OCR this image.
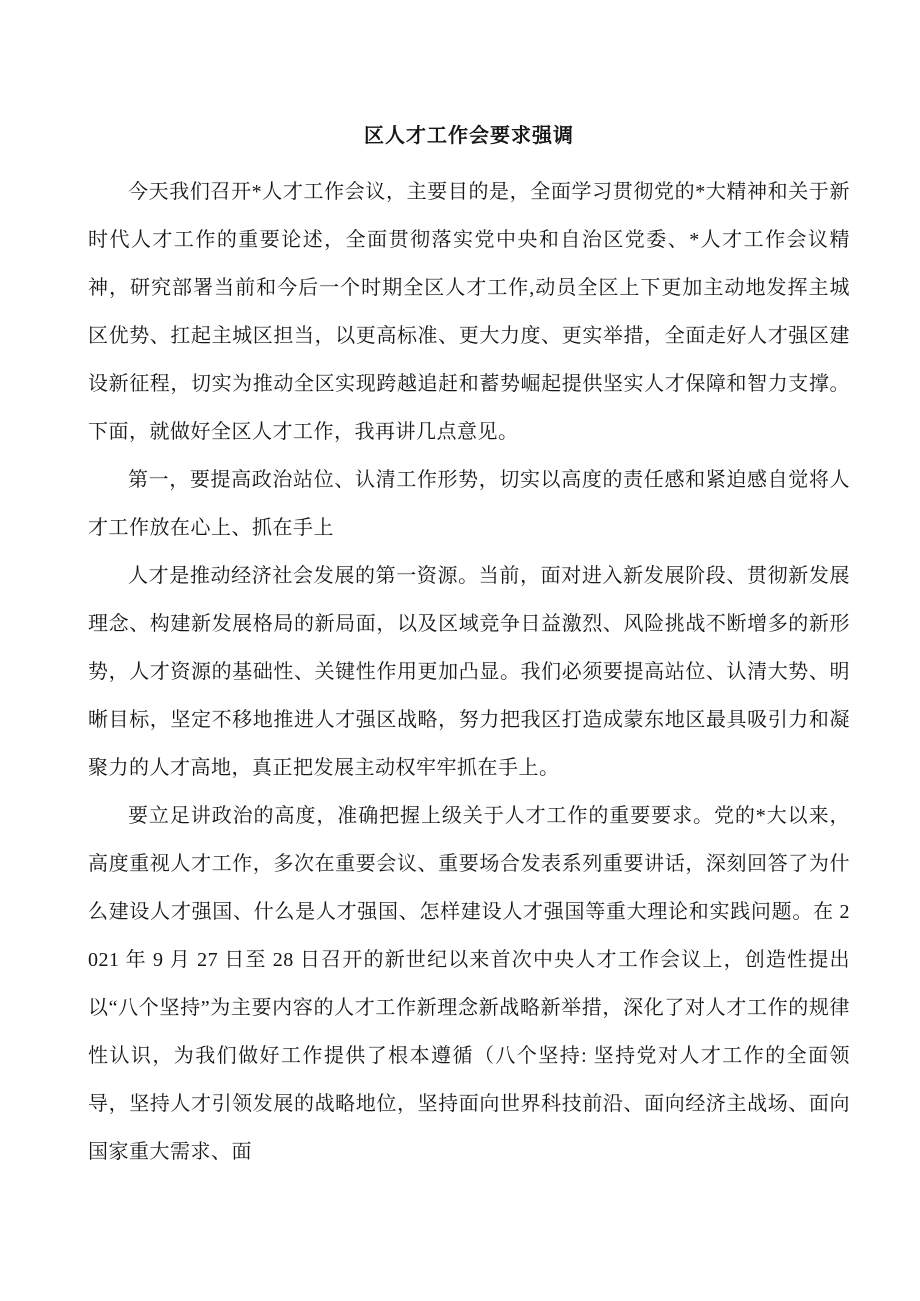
区人才工作会要求强调

今天我们召开*人才工作会议，主要目的是，全面学习贯彻党的*大精神和关于新时代人才工作的重要论述，全面贯彻落实党中央和自治区党委、*人才工作会议精神，研究部署当前和今后一个时期全区人才工作,动员全区上下更加主动地发挥主城区优势、扛起主城区担当，以更高标准、更大力度、更实举措，全面走好人才强区建设新征程，切实为推动全区实现跨越追赶和蓄势崛起提供坚实人才保障和智力支撑。下面，就做好全区人才工作，我再讲几点意见。

第一，要提高政治站位、认清工作形势，切实以高度的责任感和紧迫感自觉将人才工作放在心上、抓在手上

人才是推动经济社会发展的第一资源。当前，面对进入新发展阶段、贯彻新发展理念、构建新发展格局的新局面，以及区域竞争日益激烈、风险挑战不断增多的新形势，人才资源的基础性、关键性作用更加凸显。我们必须要提高站位、认清大势、明晰目标，坚定不移地推进人才强区战略，努力把我区打造成蒙东地区最具吸引力和凝聚力的人才高地，真正把发展主动权牢牢抓在手上。

要立足讲政治的高度，准确把握上级关于人才工作的重要要求。党的*大以来，高度重视人才工作，多次在重要会议、重要场合发表系列重要讲话，深刻回答了为什么建设人才强国、什么是人才强国、怎样建设人才强国等重大理论和实践问题。在 2021 年 9 月 27 日至 28 日召开的新世纪以来首次中央人才工作会议上，创造性提出以“八个坚持”为主要内容的人才工作新理念新战略新举措，深化了对人才工作的规律性认识，为我们做好工作提供了根本遵循（八个坚持: 坚持党对人才工作的全面领导，坚持人才引领发展的战略地位，坚持面向世界科技前沿、面向经济主战场、面向国家重大需求、面
